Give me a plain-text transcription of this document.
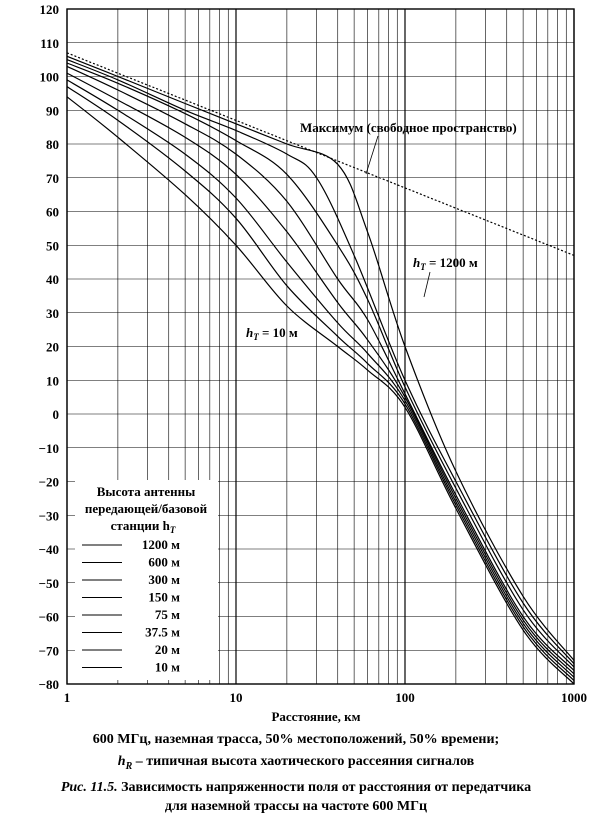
120
110
100
90
80
70
60
50
40
30
20
10
0
−10
−20
−30
−40
−50
−60
−70
−80
1	10	100	1000
Высота антенны
передающей/базовой
станции $h_T$
1200 м
600 м
300 м
150 м
75 м
37.5 м
20 м
10 м
Максимум (свободное пространство)
$h_T = 1200$ м
$h_T = 10$ м
Расстояние, км
600 МГц, наземная трасса, 50% местоположений, 50% времени;
$h_R$ – типичная высота хаотического рассеяния сигналов
Рис. 11.5. Зависимость напряженности поля от расстояния от передатчика
для наземной трассы на частоте 600 МГц
